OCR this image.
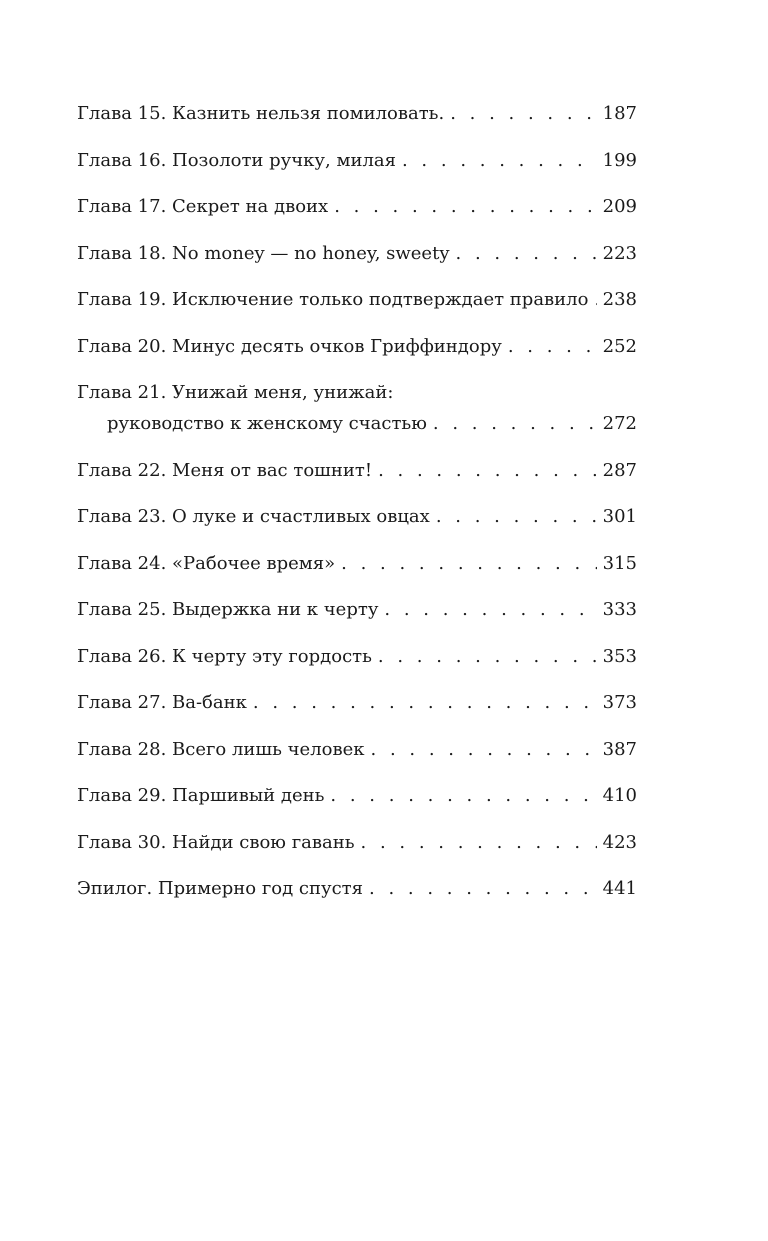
Глава 15. Казнить нельзя помиловать. . . .	187
Глава 16. Позолоти ручку, милая . . .	199
Глава 17. Секрет на двоих . . .	209
Глава 18. No money — no honey, sweety . . .	223
Глава 19. Исключение только подтверждает правило . . . 238
Глава 20. Минус десять очков Гриффиндору . . .	252
Глава 21. Унижай меня, унижай:
руководство к женскому счастью . . .	272
Глава 22. Меня от вас тошнит! . . .	287
Глава 23. О луке и счастливых овцах . . .	301
Глава 24. «Рабочее время» . . .	315
Глава 25. Выдержка ни к черту . . .	333
Глава 26. К черту эту гордость . . .	353
Глава 27. Ва-банк . . .	373
Глава 28. Всего лишь человек . . .	387
Глава 29. Паршивый день . . .	410
Глава 30. Найди свою гавань . . .	423
Эпилог. Примерно год спустя . . .	441
